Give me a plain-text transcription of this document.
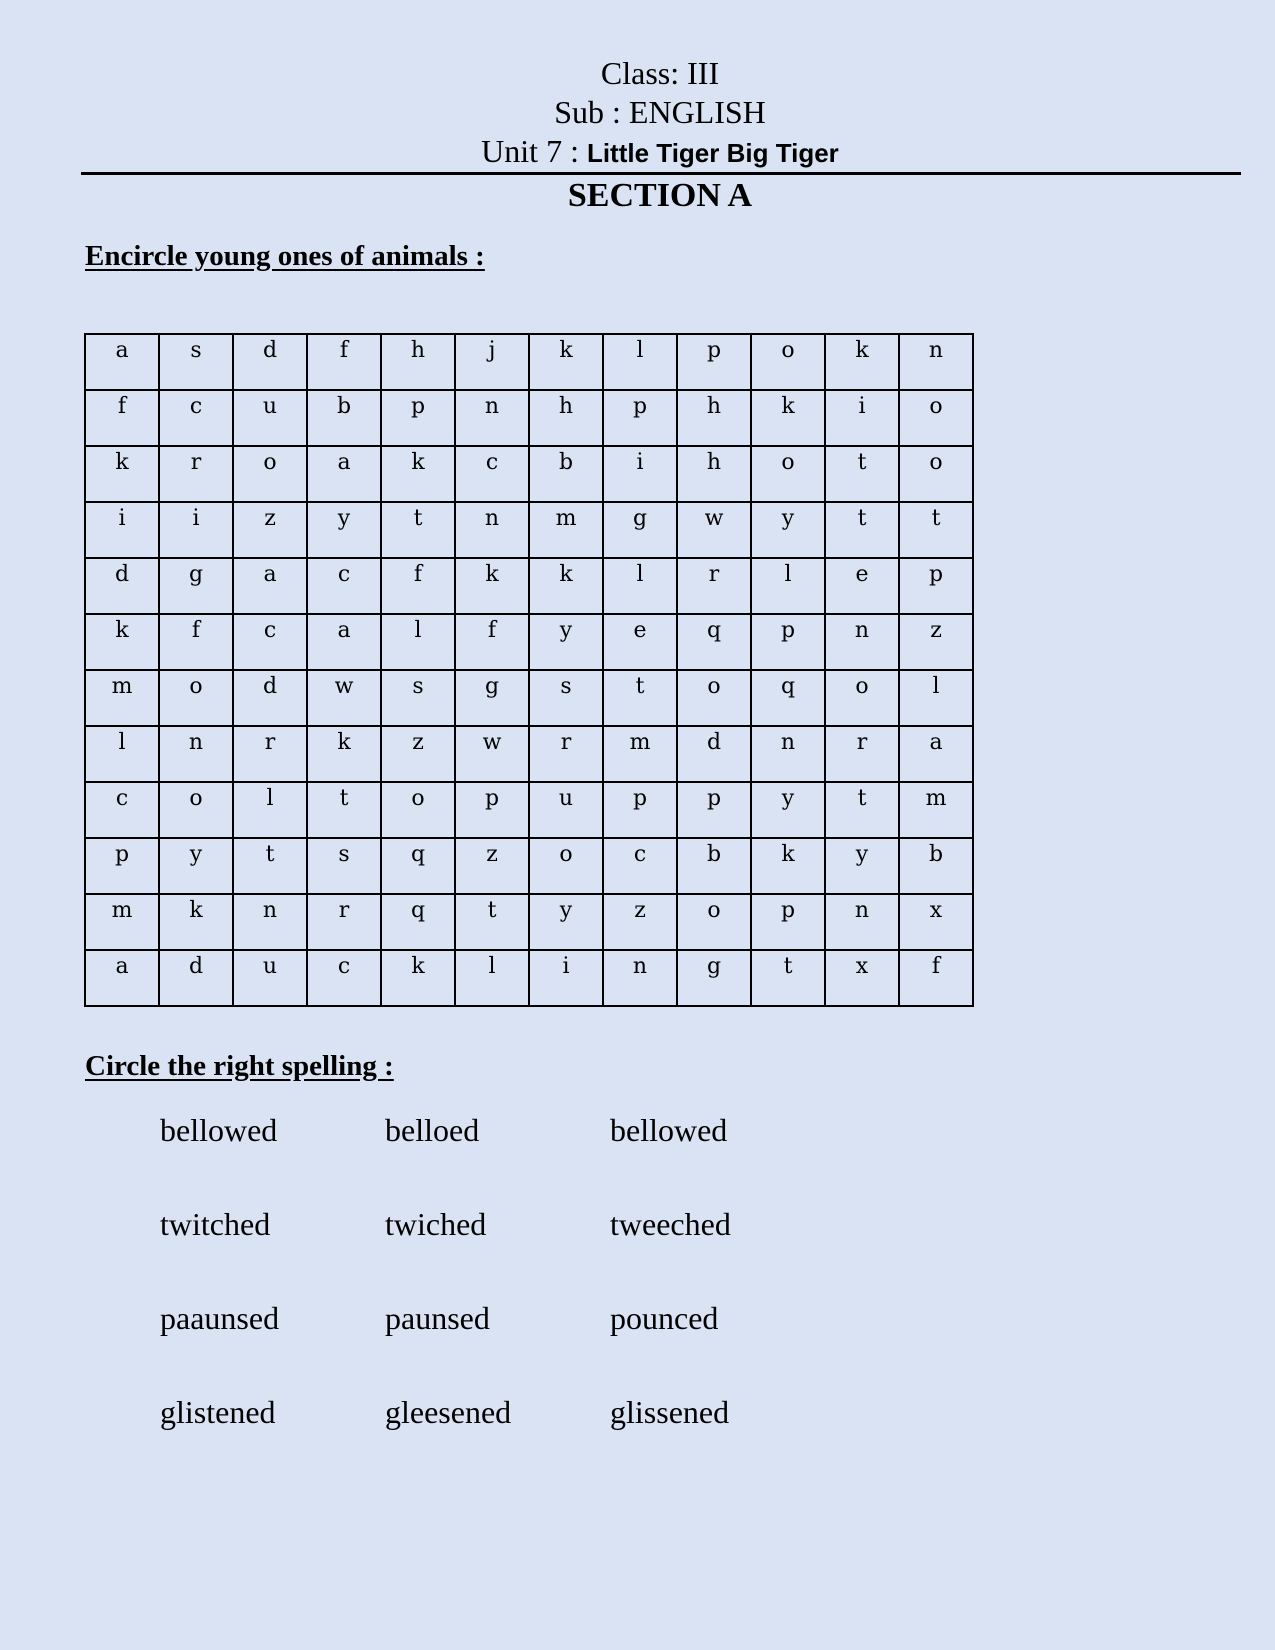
Class: III
Sub : ENGLISH
Unit 7 : Little Tiger Big Tiger
SECTION A
Encircle young ones of animals :
a	s	d	f	h	j	k	l	p	o	k	n
f	c	u	b	p	n	h	p	h	k	i	o
k	r	o	a	k	c	b	i	h	o	t	o
i	i	z	y	t	n	m	g	w	y	t	t
d	g	a	c	f	k	k	l	r	l	e	p
k	f	c	a	l	f	y	e	q	p	n	z
m	o	d	w	s	g	s	t	o	q	o	l
l	n	r	k	z	w	r	m	d	n	r	a
c	o	l	t	o	p	u	p	p	y	t	m
p	y	t	s	q	z	o	c	b	k	y	b
m	k	n	r	q	t	y	z	o	p	n	x
a	d	u	c	k	l	i	n	g	t	x	f
Circle the right spelling :
bellowed	belloed	bellowed
twitched	twiched	tweeched
paaunsed	paunsed	pounced
glistened	gleesened	glissened
